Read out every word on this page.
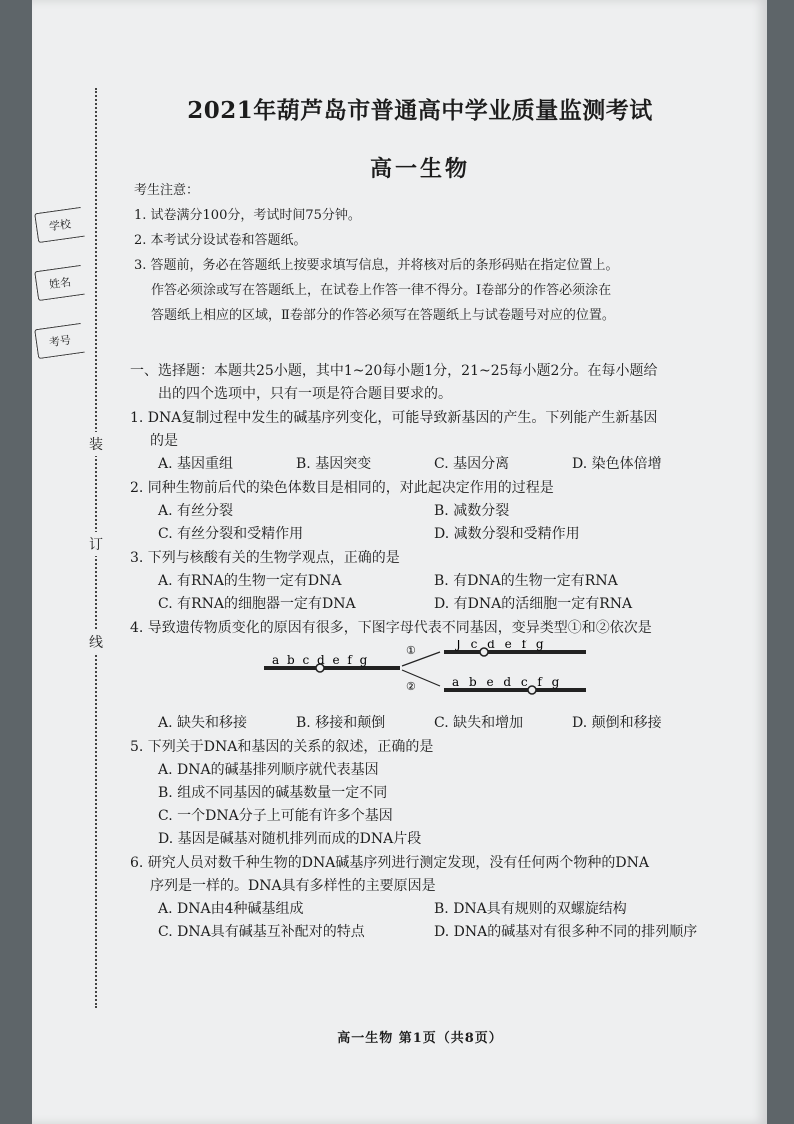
装
订
线
学校
姓名
考号
2021年葫芦岛市普通高中学业质量监测考试
高一生物

考生注意：

1. 试卷满分100分，考试时间75分钟。

2. 本考试分设试卷和答题纸。

3. 答题前，务必在答题纸上按要求填写信息，并将核对后的条形码贴在指定位置上。

作答必须涂或写在答题纸上，在试卷上作答一律不得分。Ⅰ卷部分的作答必须涂在

答题纸上相应的区域，Ⅱ卷部分的作答必须写在答题纸上与试卷题号对应的位置。

一、选择题：本题共25小题，其中1~20每小题1分，21~25每小题2分。在每小题给

出的四个选项中，只有一项是符合题目要求的。

1. DNA复制过程中发生的碱基序列变化，可能导致新基因的产生。下列能产生新基因

的是

A. 基因重组	B. 基因突变	C. 基因分离	D. 染色体倍增

2. 同种生物前后代的染色体数目是相同的，对此起决定作用的过程是

A. 有丝分裂	B. 减数分裂
C. 有丝分裂和受精作用	D. 减数分裂和受精作用

3. 下列与核酸有关的生物学观点，正确的是

A. 有RNA的生物一定有DNA	B. 有DNA的生物一定有RNA
C. 有RNA的细胞器一定有DNA	D. 有DNA的活细胞一定有RNA

4. 导致遗传物质变化的原因有很多，下图字母代表不同基因，变异类型①和②依次是

a b c d e f g
①
②
J c d e f g
a b e d c f g
A. 缺失和移接	B. 移接和颠倒	C. 缺失和增加	D. 颠倒和移接

5. 下列关于DNA和基因的关系的叙述，正确的是

A. DNA的碱基排列顺序就代表基因
B. 组成不同基因的碱基数量一定不同
C. 一个DNA分子上可能有许多个基因
D. 基因是碱基对随机排列而成的DNA片段

6. 研究人员对数千种生物的DNA碱基序列进行测定发现，没有任何两个物种的DNA

序列是一样的。DNA具有多样性的主要原因是

A. DNA由4种碱基组成	B. DNA具有规则的双螺旋结构
C. DNA具有碱基互补配对的特点	D. DNA的碱基对有很多种不同的排列顺序
高一生物 第1页（共8页）
